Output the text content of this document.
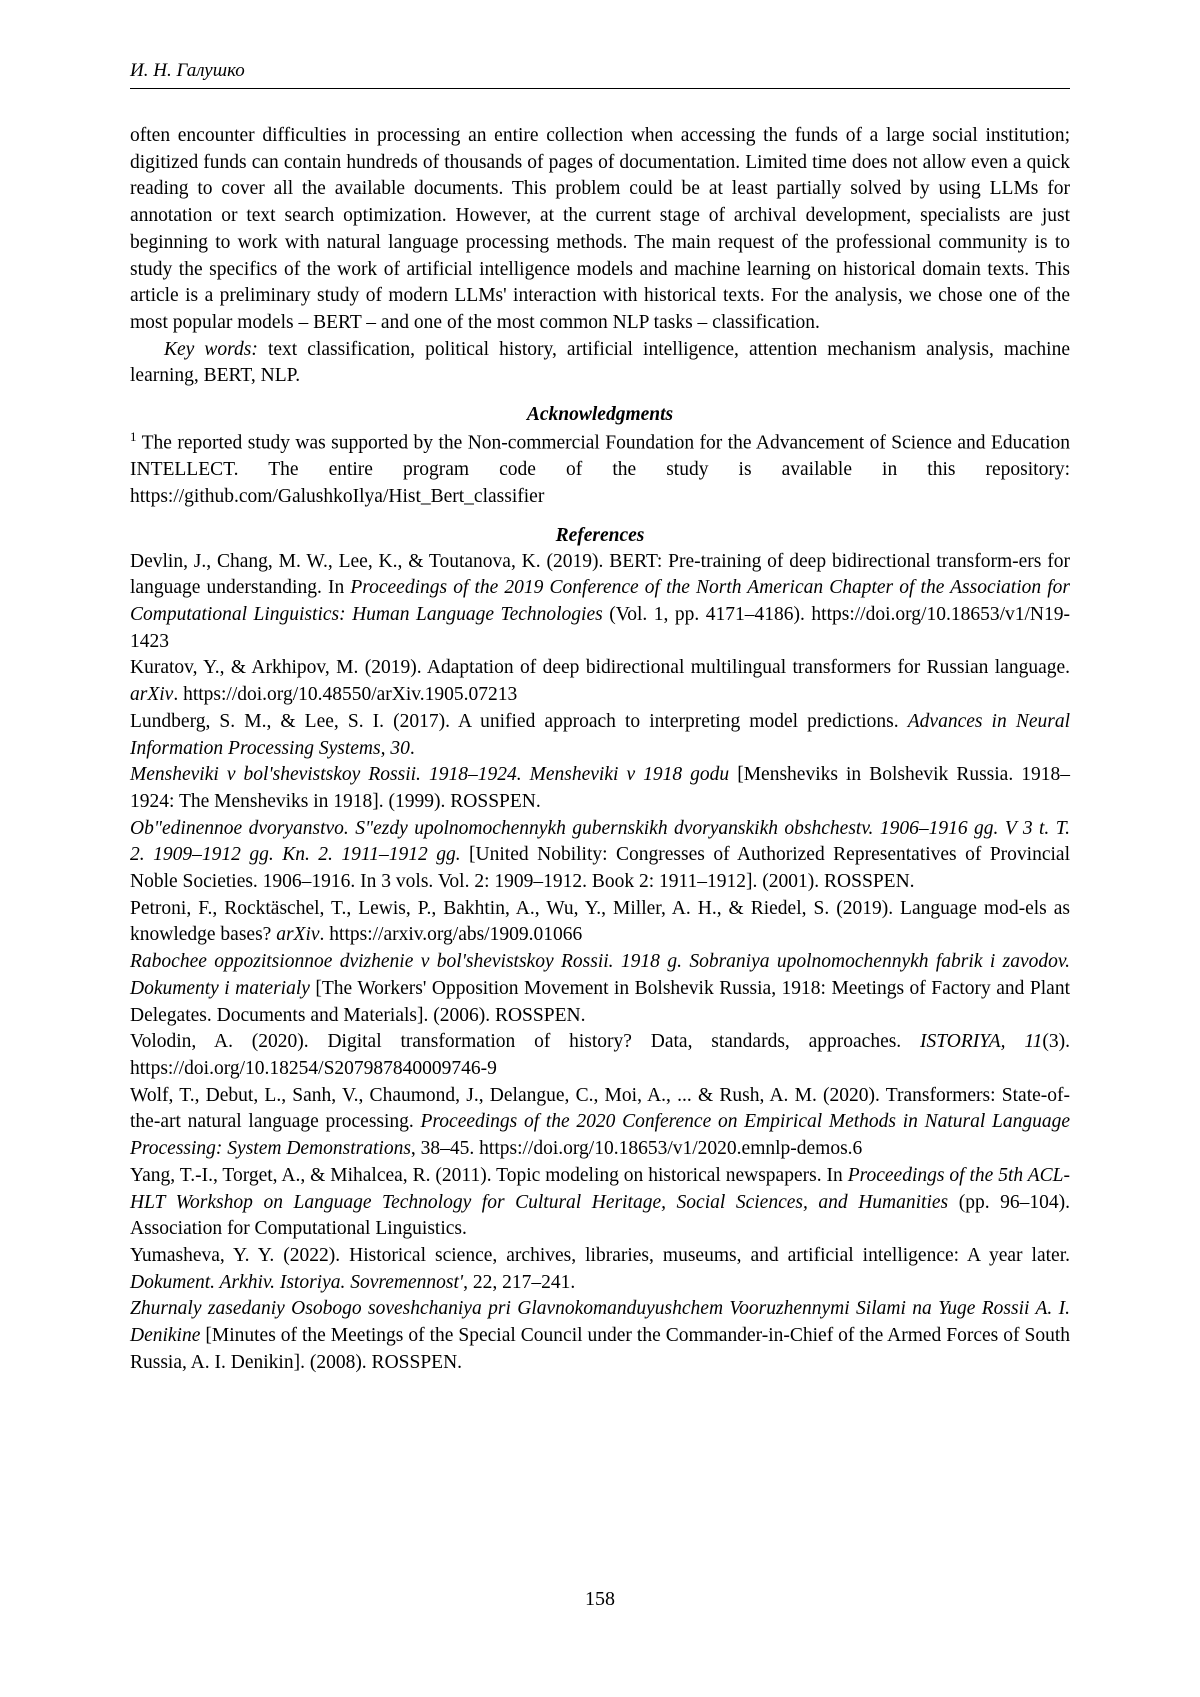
И. Н. Галушко

often encounter difficulties in processing an entire collection when accessing the funds of a large social institution; digitized funds can contain hundreds of thousands of pages of documentation. Limited time does not allow even a quick reading to cover all the available documents. This problem could be at least partially solved by using LLMs for annotation or text search optimization. However, at the current stage of archival development, specialists are just beginning to work with natural language processing methods. The main request of the professional community is to study the specifics of the work of artificial intelligence models and machine learning on historical domain texts. This article is a preliminary study of modern LLMs' interaction with historical texts. For the analysis, we chose one of the most popular models – BERT – and one of the most common NLP tasks – classification.

Key words: text classification, political history, artificial intelligence, attention mechanism analysis, machine learning, BERT, NLP.

Acknowledgments

$^1$ The reported study was supported by the Non-commercial Foundation for the Advancement of Science and Education INTELLECT. The entire program code of the study is available in this repository: https://github.com/GalushkoIlya/Hist_Bert_classifier

References

Devlin, J., Chang, M. W., Lee, K., & Toutanova, K. (2019). BERT: Pre-training of deep bidirectional transform-ers for language understanding. In Proceedings of the 2019 Conference of the North American Chapter of the Association for Computational Linguistics: Human Language Technologies (Vol. 1, pp. 4171–4186). https://doi.org/10.18653/v1/N19-1423

Kuratov, Y., & Arkhipov, M. (2019). Adaptation of deep bidirectional multilingual transformers for Russian language. arXiv. https://doi.org/10.48550/arXiv.1905.07213

Lundberg, S. M., & Lee, S. I. (2017). A unified approach to interpreting model predictions. Advances in Neural Information Processing Systems, 30.

Mensheviki v bol'shevistskoy Rossii. 1918–1924. Mensheviki v 1918 godu [Mensheviks in Bolshevik Russia. 1918–1924: The Mensheviks in 1918]. (1999). ROSSPEN.

Ob"edinennoe dvoryanstvo. S"ezdy upolnomochennykh gubernskikh dvoryanskikh obshchestv. 1906–1916 gg. V 3 t. T. 2. 1909–1912 gg. Kn. 2. 1911–1912 gg. [United Nobility: Congresses of Authorized Representatives of Provincial Noble Societies. 1906–1916. In 3 vols. Vol. 2: 1909–1912. Book 2: 1911–1912]. (2001). ROSSPEN.

Petroni, F., Rocktäschel, T., Lewis, P., Bakhtin, A., Wu, Y., Miller, A. H., & Riedel, S. (2019). Language mod-els as knowledge bases? arXiv. https://arxiv.org/abs/1909.01066

Rabochee oppozitsionnoe dvizhenie v bol'shevistskoy Rossii. 1918 g. Sobraniya upolnomochennykh fabrik i zavodov. Dokumenty i materialy [The Workers' Opposition Movement in Bolshevik Russia, 1918: Meetings of Factory and Plant Delegates. Documents and Materials]. (2006). ROSSPEN.

Volodin, A. (2020). Digital transformation of history? Data, standards, approaches. ISTORIYA, 11(3). https://doi.org/10.18254/S207987840009746-9

Wolf, T., Debut, L., Sanh, V., Chaumond, J., Delangue, C., Moi, A., ... & Rush, A. M. (2020). Transformers: State-of-the-art natural language processing. Proceedings of the 2020 Conference on Empirical Methods in Natural Language Processing: System Demonstrations, 38–45. https://doi.org/10.18653/v1/2020.emnlp-demos.6

Yang, T.-I., Torget, A., & Mihalcea, R. (2011). Topic modeling on historical newspapers. In Proceedings of the 5th ACL-HLT Workshop on Language Technology for Cultural Heritage, Social Sciences, and Humanities (pp. 96–104). Association for Computational Linguistics.

Yumasheva, Y. Y. (2022). Historical science, archives, libraries, museums, and artificial intelligence: A year later. Dokument. Arkhiv. Istoriya. Sovremennost', 22, 217–241.

Zhurnaly zasedaniy Osobogo soveshchaniya pri Glavnokomanduyushchem Vooruzhennymi Silami na Yuge Rossii A. I. Denikine [Minutes of the Meetings of the Special Council under the Commander-in-Chief of the Armed Forces of South Russia, A. I. Denikin]. (2008). ROSSPEN.

158
